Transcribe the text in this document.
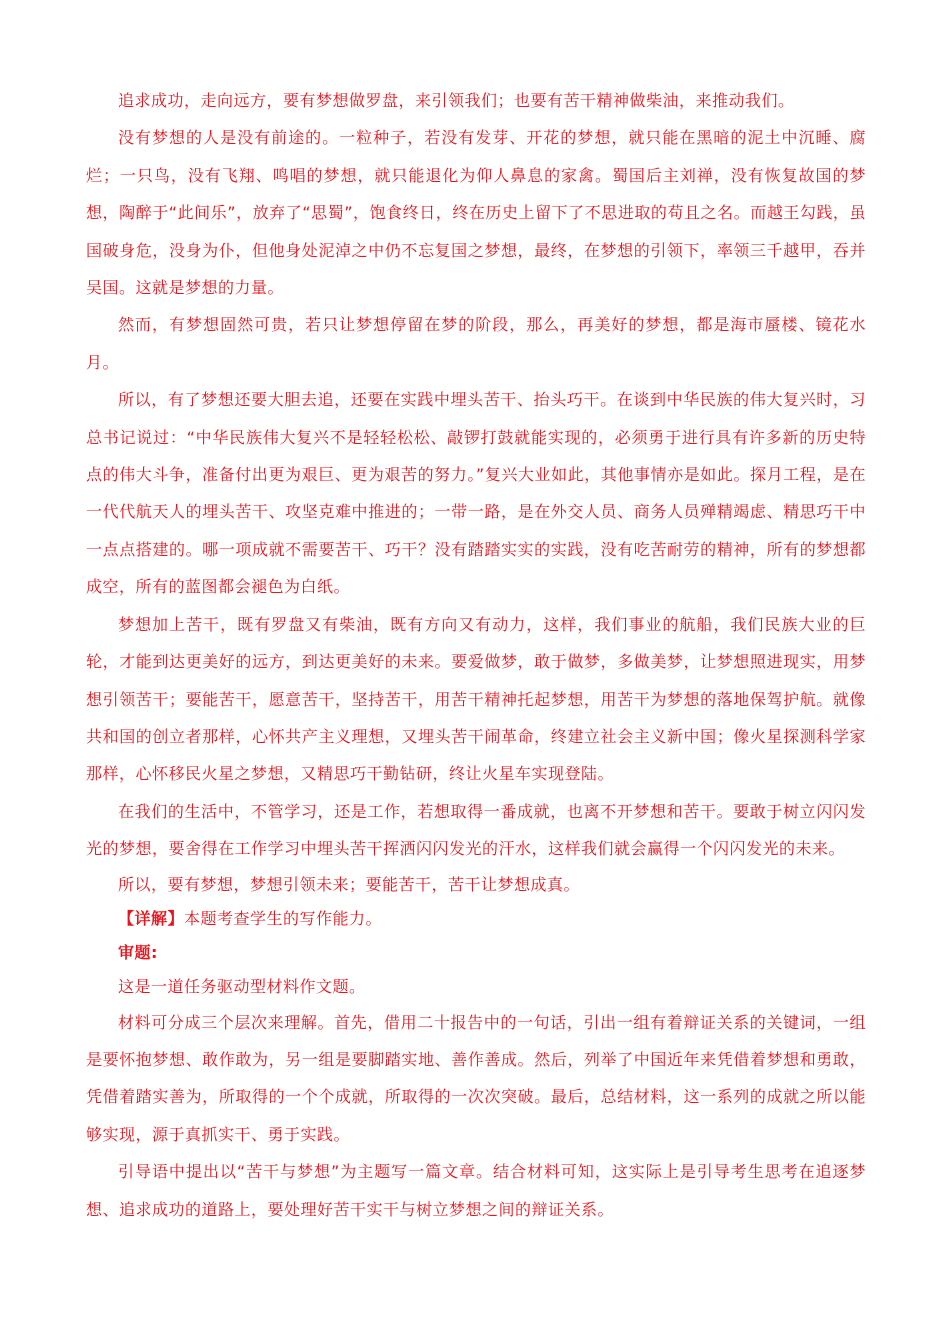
追求成功，走向远方，要有梦想做罗盘，来引领我们；也要有苦干精神做柴油，来推动我们。

没有梦想的人是没有前途的。一粒种子，若没有发芽、开花的梦想，就只能在黑暗的泥土中沉睡、腐烂；一只鸟，没有飞翔、鸣唱的梦想，就只能退化为仰人鼻息的家禽。蜀国后主刘禅，没有恢复故国的梦想，陶醉于“此间乐”，放弃了“思蜀”，饱食终日，终在历史上留下了不思进取的苟且之名。而越王勾践，虽国破身危，没身为仆，但他身处泥淖之中仍不忘复国之梦想，最终，在梦想的引领下，率领三千越甲，吞并吴国。这就是梦想的力量。

然而，有梦想固然可贵，若只让梦想停留在梦的阶段，那么，再美好的梦想，都是海市蜃楼、镜花水月。

所以，有了梦想还要大胆去追，还要在实践中埋头苦干、抬头巧干。在谈到中华民族的伟大复兴时，习总书记说过：“中华民族伟大复兴不是轻轻松松、敲锣打鼓就能实现的，必须勇于进行具有许多新的历史特点的伟大斗争，准备付出更为艰巨、更为艰苦的努力。”复兴大业如此，其他事情亦是如此。探月工程，是在一代代航天人的埋头苦干、攻坚克难中推进的；一带一路，是在外交人员、商务人员殚精竭虑、精思巧干中一点点搭建的。哪一项成就不需要苦干、巧干？没有踏踏实实的实践，没有吃苦耐劳的精神，所有的梦想都成空，所有的蓝图都会褪色为白纸。

梦想加上苦干，既有罗盘又有柴油，既有方向又有动力，这样，我们事业的航船，我们民族大业的巨轮，才能到达更美好的远方，到达更美好的未来。要爱做梦，敢于做梦，多做美梦，让梦想照进现实，用梦想引领苦干；要能苦干，愿意苦干，坚持苦干，用苦干精神托起梦想，用苦干为梦想的落地保驾护航。就像共和国的创立者那样，心怀共产主义理想，又埋头苦干闹革命，终建立社会主义新中国；像火星探测科学家那样，心怀移民火星之梦想，又精思巧干勤钻研，终让火星车实现登陆。

在我们的生活中，不管学习，还是工作，若想取得一番成就，也离不开梦想和苦干。要敢于树立闪闪发光的梦想，要舍得在工作学习中埋头苦干挥洒闪闪发光的汗水，这样我们就会赢得一个闪闪发光的未来。

所以，要有梦想，梦想引领未来；要能苦干，苦干让梦想成真。

【详解】本题考查学生的写作能力。

审题:

这是一道任务驱动型材料作文题。

材料可分成三个层次来理解。首先，借用二十报告中的一句话，引出一组有着辩证关系的关键词，一组是要怀抱梦想、敢作敢为，另一组是要脚踏实地、善作善成。然后，列举了中国近年来凭借着梦想和勇敢，凭借着踏实善为，所取得的一个个成就，所取得的一次次突破。最后，总结材料，这一系列的成就之所以能够实现，源于真抓实干、勇于实践。

引导语中提出以“苦干与梦想”为主题写一篇文章。结合材料可知，这实际上是引导考生思考在追逐梦想、追求成功的道路上，要处理好苦干实干与树立梦想之间的辩证关系。
